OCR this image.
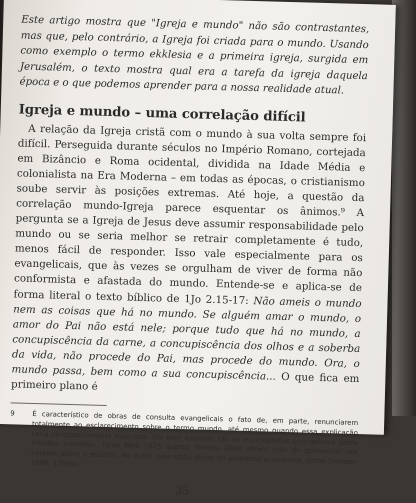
Este artigo mostra que "Igreja e mundo" não são contrastantes, mas que, pelo contrário, a Igreja foi criada para o mundo. Usando como exemplo o termo ekklesia e a primeira igreja, surgida em Jerusalém, o texto mostra qual era a tarefa da igreja daquela época e o que podemos aprender para a nossa realidade atual.

Igreja e mundo – uma correlação difícil

A relação da Igreja cristã com o mundo à sua volta sempre foi difícil. Perseguida durante séculos no Império Romano, cortejada em Bizâncio e Roma ocidental, dividida na Idade Média e colonialista na Era Moderna – em todas as épocas, o cristianismo soube servir às posições extremas. Até hoje, a questão da correlação mundo-Igreja parece esquentar os ânimos.⁹ A pergunta se a Igreja de Jesus deve assumir responsabilidade pelo mundo ou se seria melhor se retrair completamente é tudo, menos fácil de responder. Isso vale especialmente para os evangelicais, que às vezes se orgulham de viver de forma não conformista e afastada do mundo. Entende-se e aplica-se de forma literal o texto bíblico de 1Jo 2.15-17: Não ameis o mundo nem as coisas que há no mundo. Se alguém amar o mundo, o amor do Pai não está nele; porque tudo que há no mundo, a concupiscência da carne, a concupiscência dos olhos e a soberba da vida, não procede do Pai, mas procede do mundo. Ora, o mundo passa, bem como a sua concupiscência... O que fica em primeiro plano é

9	É característico de obras de consulta evangelicais o fato de, em parte, renunciarem totalmente ao esclarecimento sobre o termo mundo, até mesmo quando essa explicação seria obrigatoriamente esperada. Um bom exemplo são as enciclopédias evangelicais sobre missões mundiais. Tanto Neill 1975 quanto Moreau 2000 abrem mão de apresentar um verbete sobre o assunto. No outro lado estão obras do ambiente ecumênico, como Drehsen 1988: 1356ss.
35
